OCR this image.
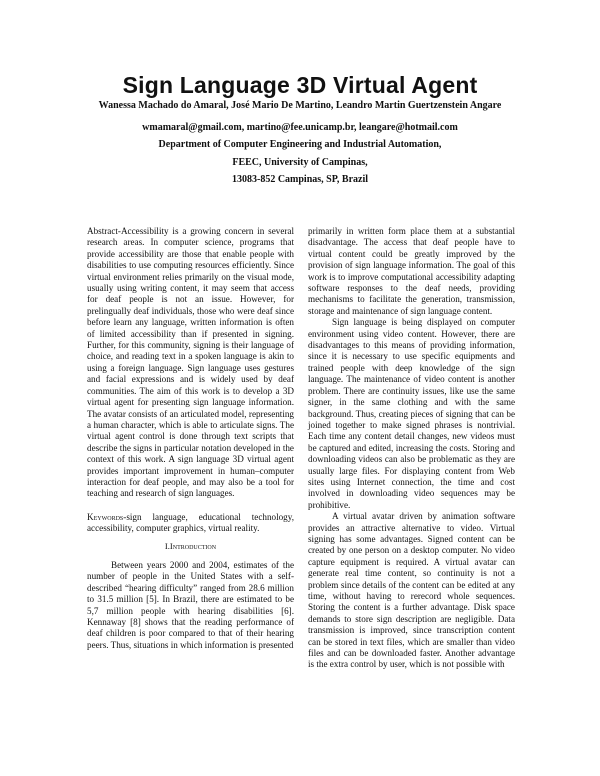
Sign Language 3D Virtual Agent
Wanessa Machado do Amaral, José Mario De Martino, Leandro Martin Guertzenstein Angare
wmamaral@gmail.com, martino@fee.unicamp.br, leangare@hotmail.com
Department of Computer Engineering and Industrial Automation,
FEEC, University of Campinas,
13083-852 Campinas, SP, Brazil

Abstract-Accessibility is a growing concern in several research areas. In computer science, programs that provide accessibility are those that enable people with disabilities to use computing resources efficiently. Since virtual environment relies primarily on the visual mode, usually using writing content, it may seem that access for deaf people is not an issue. However, for prelingually deaf individuals, those who were deaf since before learn any language, written information is often of limited accessibility than if presented in signing. Further, for this community, signing is their language of choice, and reading text in a spoken language is akin to using a foreign language. Sign language uses gestures and facial expressions and is widely used by deaf communities. The aim of this work is to develop a 3D virtual agent for presenting sign language information. The avatar consists of an articulated model, representing a human character, which is able to articulate signs. The virtual agent control is done through text scripts that describe the signs in particular notation developed in the context of this work. A sign language 3D virtual agent provides important improvement in human–computer interaction for deaf people, and may also be a tool for teaching and research of sign languages.

Keywords-sign language, educational technology, accessibility, computer graphics, virtual reality.

I.Introduction

Between years 2000 and 2004, estimates of the number of people in the United States with a self-described “hearing difficulty” ranged from 28.6 million to 31.5 million [5]. In Brazil, there are estimated to be 5,7 million people with hearing disabilities [6]. Kennaway [8] shows that the reading performance of deaf children is poor compared to that of their hearing peers. Thus, situations in which information is presented

primarily in written form place them at a substantial disadvantage. The access that deaf people have to virtual content could be greatly improved by the provision of sign language information. The goal of this work is to improve computational accessibility adapting software responses to the deaf needs, providing mechanisms to facilitate the generation, transmission, storage and maintenance of sign language content.

Sign language is being displayed on computer environment using video content. However, there are disadvantages to this means of providing information, since it is necessary to use specific equipments and trained people with deep knowledge of the sign language. The maintenance of video content is another problem. There are continuity issues, like use the same signer, in the same clothing and with the same background. Thus, creating pieces of signing that can be joined together to make signed phrases is nontrivial. Each time any content detail changes, new videos must be captured and edited, increasing the costs. Storing and downloading videos can also be problematic as they are usually large files. For displaying content from Web sites using Internet connection, the time and cost involved in downloading video sequences may be prohibitive.

A virtual avatar driven by animation software provides an attractive alternative to video. Virtual signing has some advantages. Signed content can be created by one person on a desktop computer. No video capture equipment is required. A virtual avatar can generate real time content, so continuity is not a problem since details of the content can be edited at any time, without having to rerecord whole sequences. Storing the content is a further advantage. Disk space demands to store sign description are negligible. Data transmission is improved, since transcription content can be stored in text files, which are smaller than video files and can be downloaded faster. Another advantage is the extra control by user, which is not possible with
